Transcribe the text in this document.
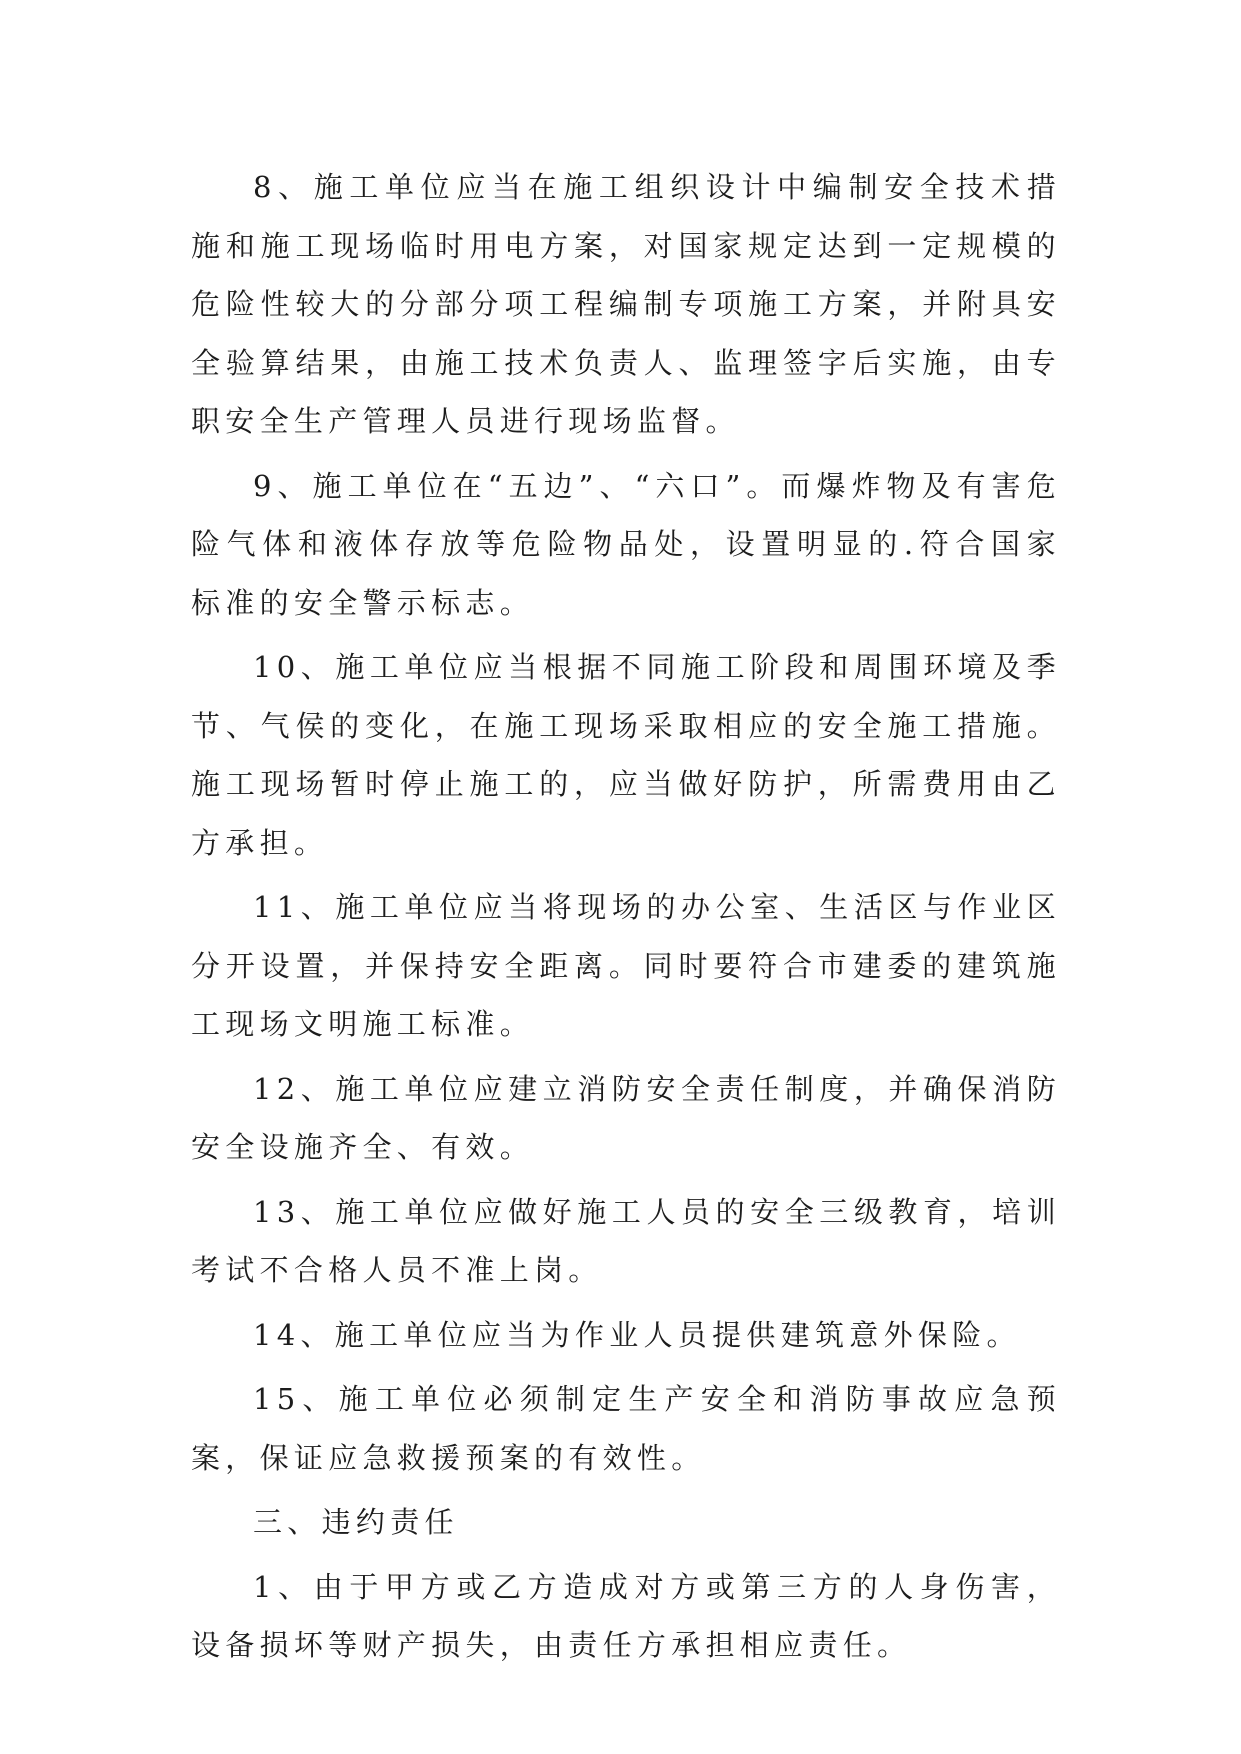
8、施工单位应当在施工组织设计中编制安全技术措施和施工现场临时用电方案，对国家规定达到一定规模的危险性较大的分部分项工程编制专项施工方案，并附具安全验算结果，由施工技术负责人、监理签字后实施，由专职安全生产管理人员进行现场监督。

9、施工单位在“五边”、“六口”。而爆炸物及有害危险气体和液体存放等危险物品处，设置明显的.符合国家标准的安全警示标志。

10、施工单位应当根据不同施工阶段和周围环境及季节、气侯的变化，在施工现场采取相应的安全施工措施。施工现场暂时停止施工的，应当做好防护，所需费用由乙方承担。

11、施工单位应当将现场的办公室、生活区与作业区分开设置，并保持安全距离。同时要符合市建委的建筑施工现场文明施工标准。

12、施工单位应建立消防安全责任制度，并确保消防安全设施齐全、有效。

13、施工单位应做好施工人员的安全三级教育，培训考试不合格人员不准上岗。

14、施工单位应当为作业人员提供建筑意外保险。

15、施工单位必须制定生产安全和消防事故应急预案，保证应急救援预案的有效性。

三、违约责任

1、由于甲方或乙方造成对方或第三方的人身伤害，设备损坏等财产损失，由责任方承担相应责任。
